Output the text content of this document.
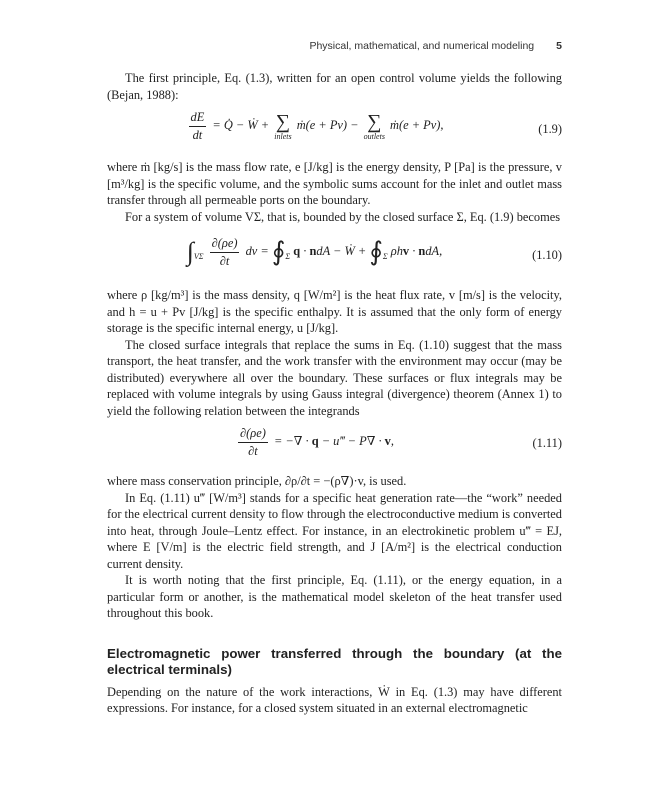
Physical, mathematical, and numerical modeling 5

The first principle, Eq. (1.3), written for an open control volume yields the following (Bejan, 1988):

$\frac{dE}{dt}$ = Q̇ − Ẇ + ∑
inlets
ṁ(e + Pv) − ∑
outlets
ṁ(e + Pv),	(1.9)

where ṁ [kg/s] is the mass flow rate, e [J/kg] is the energy density, P [Pa] is the pressure, v [m³/kg] is the specific volume, and the symbolic sums account for the inlet and outlet mass transfer through all permeable ports on the boundary.

For a system of volume VΣ, that is, bounded by the closed surface Σ, Eq. (1.9) becomes

$\int_{V\Sigma} \frac{\partial(\rho e)}{\partial t}$ dv = $∮_\Sigma$ q · ndA − Ẇ + $∮_\Sigma$ ρhv · ndA,	(1.10)

where ρ [kg/m³] is the mass density, q [W/m²] is the heat flux rate, v [m/s] is the velocity, and h = u + Pv [J/kg] is the specific enthalpy. It is assumed that the only form of energy storage is the specific internal energy, u [J/kg].

The closed surface integrals that replace the sums in Eq. (1.10) suggest that the mass transport, the heat transfer, and the work transfer with the environment may occur (may be distributed) everywhere all over the boundary. These surfaces or flux integrals may be replaced with volume integrals by using Gauss integral (divergence) theorem (Annex 1) to yield the following relation between the integrands

$\frac{\partial(\rho e)}{\partial t}$ = −∇ · q − u‴ − P∇ · v,	(1.11)

where mass conservation principle, ∂ρ/∂t = −(ρ∇)·v, is used.

In Eq. (1.11) u‴ [W/m³] stands for a specific heat generation rate—the “work” needed for the electrical current density to flow through the electroconductive medium is converted into heat, through Joule–Lentz effect. For instance, in an electrokinetic problem u‴ = EJ, where E [V/m] is the electric field strength, and J [A/m²] is the electrical conduction current density.

It is worth noting that the first principle, Eq. (1.11), or the energy equation, in a particular form or another, is the mathematical model skeleton of the heat transfer used throughout this book.

Electromagnetic power transferred through the boundary (at the electrical terminals)

Depending on the nature of the work interactions, Ẇ in Eq. (1.3) may have different expressions. For instance, for a closed system situated in an external electromagnetic
